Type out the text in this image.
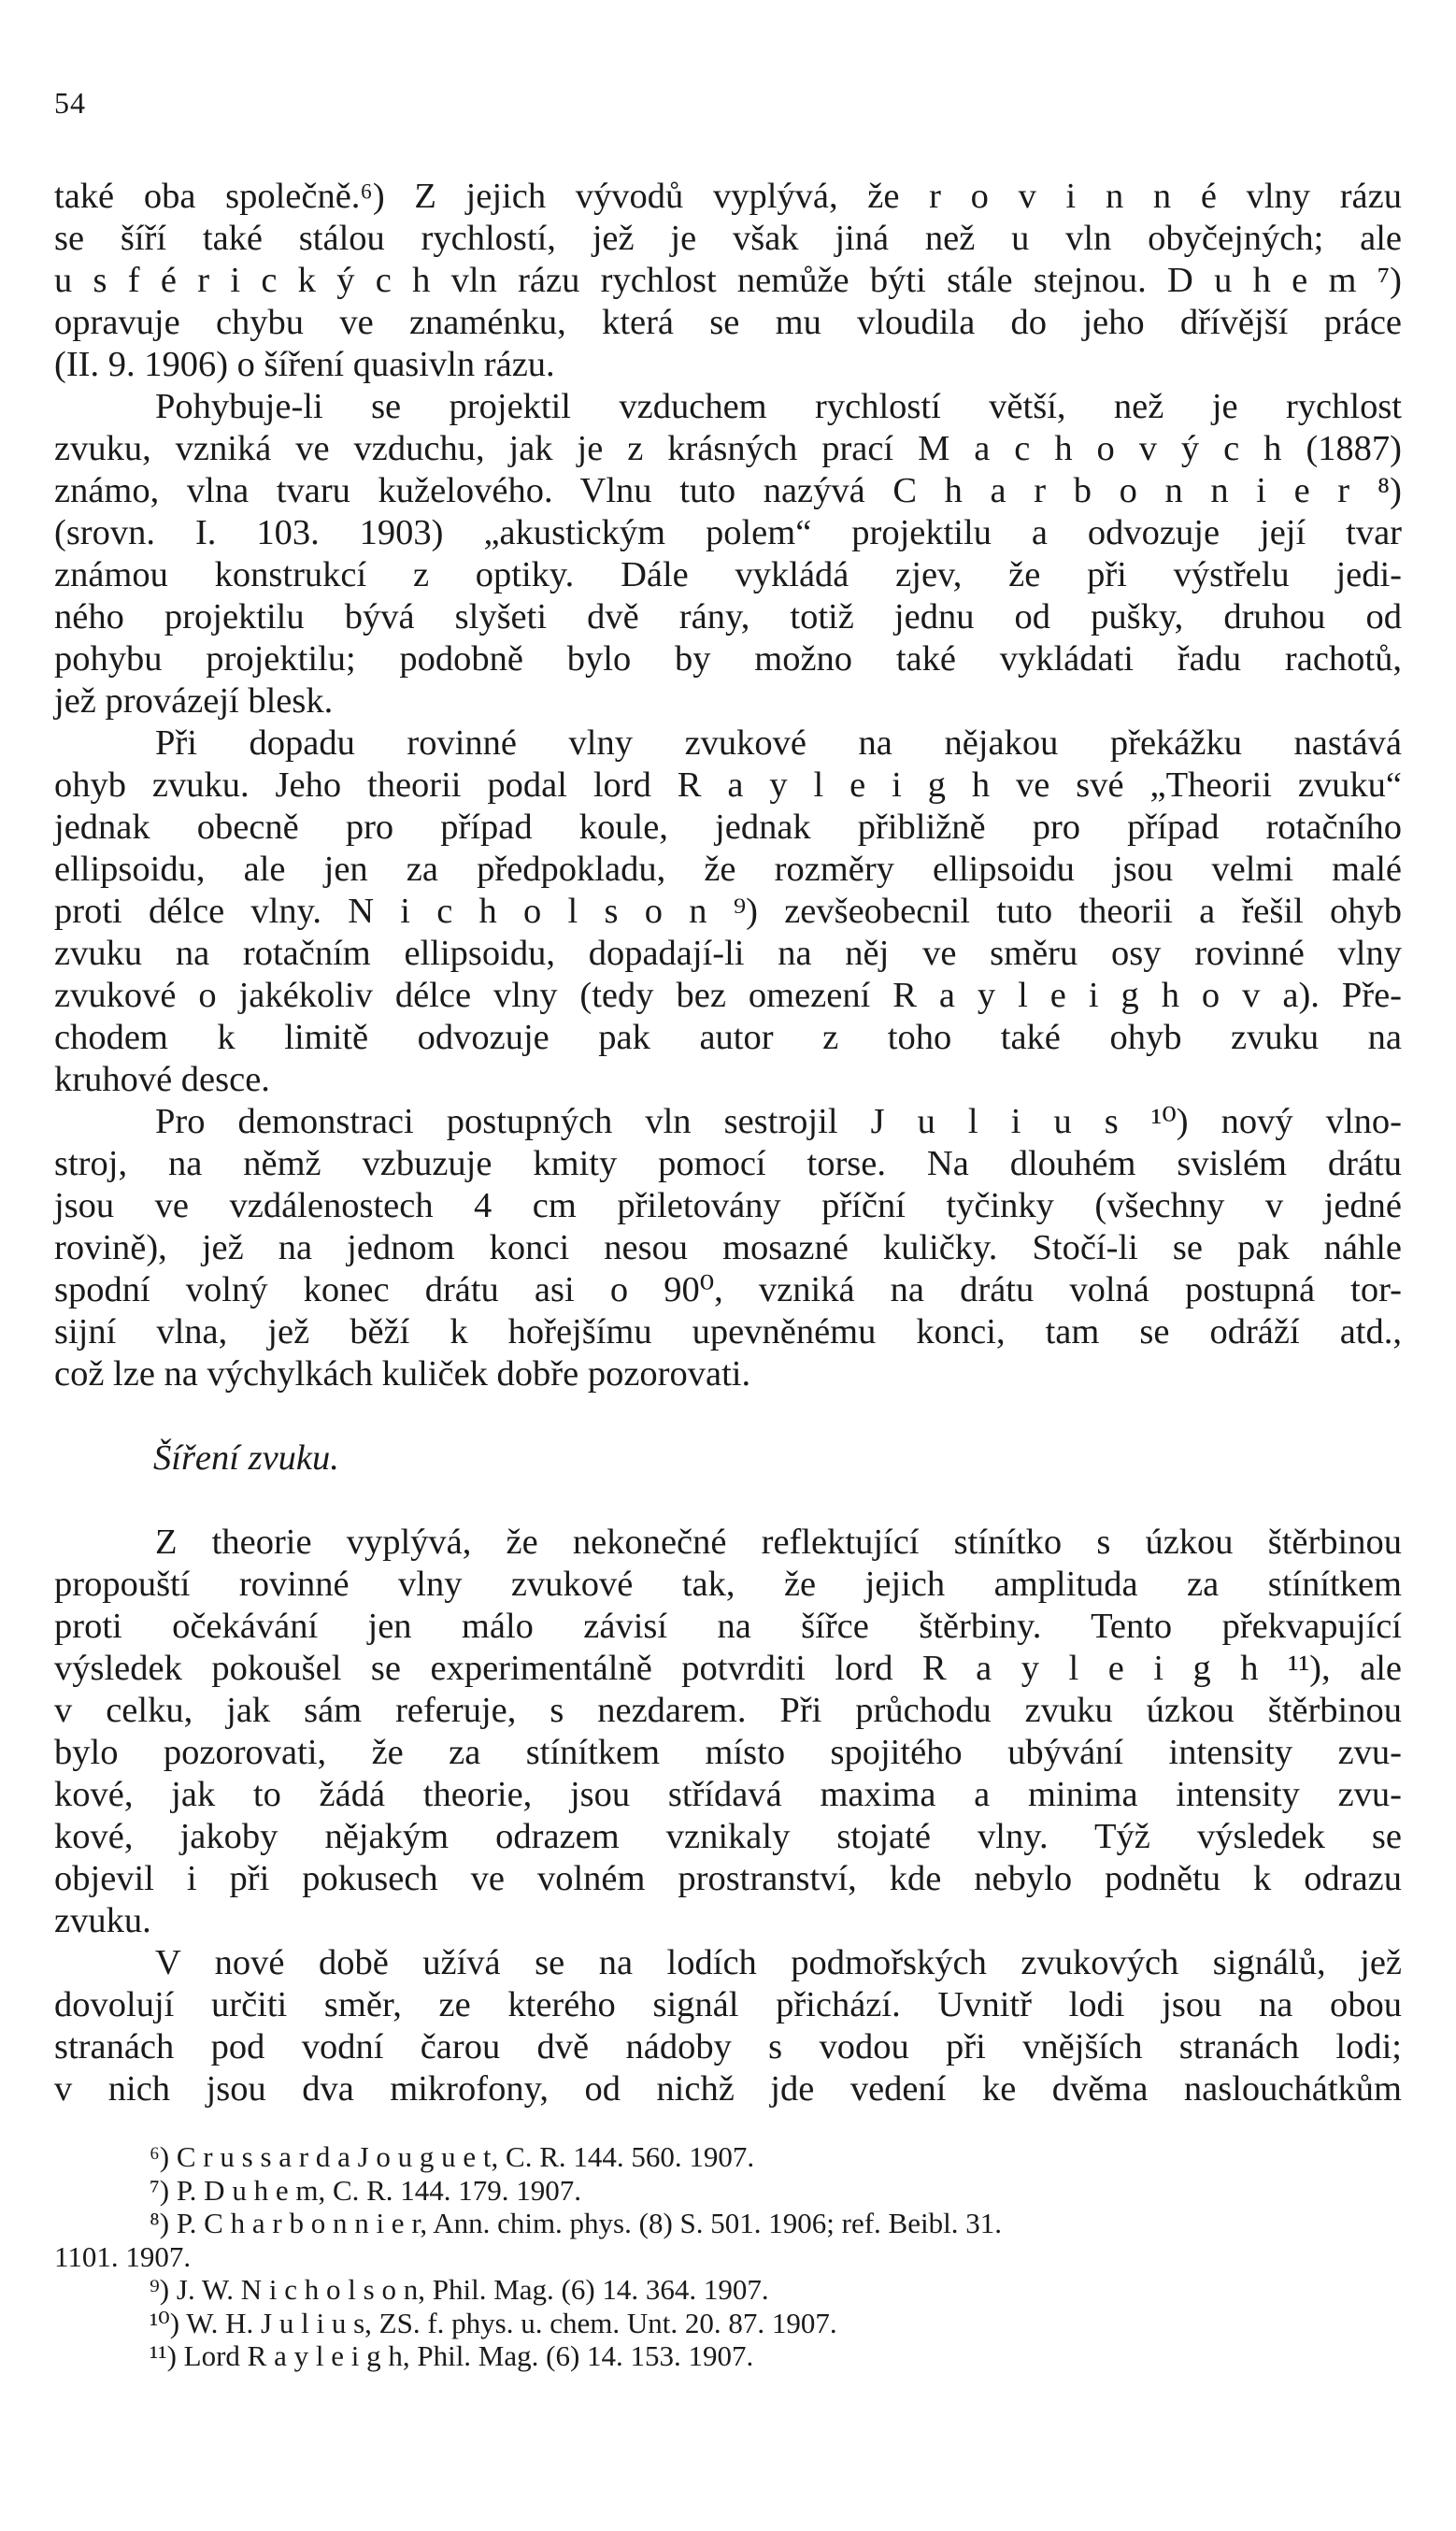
54
také oba společně.⁶) Z jejich vývodů vyplývá, že r o v i n n é vlny rázu
se šíří také stálou rychlostí, jež je však jiná než u vln obyčejných; ale
u s f é r i c k ý c h vln rázu rychlost nemůže býti stále stejnou. D u h e m ⁷)
opravuje chybu ve znaménku, která se mu vloudila do jeho dřívější práce
(II. 9. 1906) o šíření quasivln rázu.
Pohybuje-li se projektil vzduchem rychlostí větší, než je rychlost
zvuku, vzniká ve vzduchu, jak je z krásných prací M a c h o v ý c h (1887)
známo, vlna tvaru kuželového. Vlnu tuto nazývá C h a r b o n n i e r ⁸)
(srovn. I. 103. 1903) „akustickým polem“ projektilu a odvozuje její tvar
známou konstrukcí z optiky. Dále vykládá zjev, že při výstřelu jedi-
ného projektilu bývá slyšeti dvě rány, totiž jednu od pušky, druhou od
pohybu projektilu; podobně bylo by možno také vykládati řadu rachotů,
jež provázejí blesk.
Při dopadu rovinné vlny zvukové na nějakou překážku nastává
ohyb zvuku. Jeho theorii podal lord R a y l e i g h ve své „Theorii zvuku“
jednak obecně pro případ koule, jednak přibližně pro případ rotačního
ellipsoidu, ale jen za předpokladu, že rozměry ellipsoidu jsou velmi malé
proti délce vlny. N i c h o l s o n ⁹) zevšeobecnil tuto theorii a řešil ohyb
zvuku na rotačním ellipsoidu, dopadají-li na něj ve směru osy rovinné vlny
zvukové o jakékoliv délce vlny (tedy bez omezení R a y l e i g h o v a). Pře-
chodem k limitě odvozuje pak autor z toho také ohyb zvuku na
kruhové desce.
Pro demonstraci postupných vln sestrojil J u l i u s ¹⁰) nový vlno-
stroj, na němž vzbuzuje kmity pomocí torse. Na dlouhém svislém drátu
jsou ve vzdálenostech 4 cm přiletovány příční tyčinky (všechny v jedné
rovině), jež na jednom konci nesou mosazné kuličky. Stočí-li se pak náhle
spodní volný konec drátu asi o 90⁰, vzniká na drátu volná postupná tor-
sijní vlna, jež běží k hořejšímu upevněnému konci, tam se odráží atd.,
což lze na výchylkách kuliček dobře pozorovati.
Šíření zvuku.
Z theorie vyplývá, že nekonečné reflektující stínítko s úzkou štěrbinou
propouští rovinné vlny zvukové tak, že jejich amplituda za stínítkem
proti očekávání jen málo závisí na šířce štěrbiny. Tento překvapující
výsledek pokoušel se experimentálně potvrditi lord R a y l e i g h ¹¹), ale
v celku, jak sám referuje, s nezdarem. Při průchodu zvuku úzkou štěrbinou
bylo pozorovati, že za stínítkem místo spojitého ubývání intensity zvu-
kové, jak to žádá theorie, jsou střídavá maxima a minima intensity zvu-
kové, jakoby nějakým odrazem vznikaly stojaté vlny. Týž výsledek se
objevil i při pokusech ve volném prostranství, kde nebylo podnětu k odrazu
zvuku.
V nové době užívá se na lodích podmořských zvukových signálů, jež
dovolují určiti směr, ze kterého signál přichází. Uvnitř lodi jsou na obou
stranách pod vodní čarou dvě nádoby s vodou při vnějších stranách lodi;
v nich jsou dva mikrofony, od nichž jde vedení ke dvěma naslouchátkům
⁶) C r u s s a r d a J o u g u e t, C. R. 144. 560. 1907.
⁷) P. D u h e m, C. R. 144. 179. 1907.
⁸) P. C h a r b o n n i e r, Ann. chim. phys. (8) S. 501. 1906; ref. Beibl. 31.
1101. 1907.
⁹) J. W. N i c h o l s o n, Phil. Mag. (6) 14. 364. 1907.
¹⁰) W. H. J u l i u s, ZS. f. phys. u. chem. Unt. 20. 87. 1907.
¹¹) Lord R a y l e i g h, Phil. Mag. (6) 14. 153. 1907.
